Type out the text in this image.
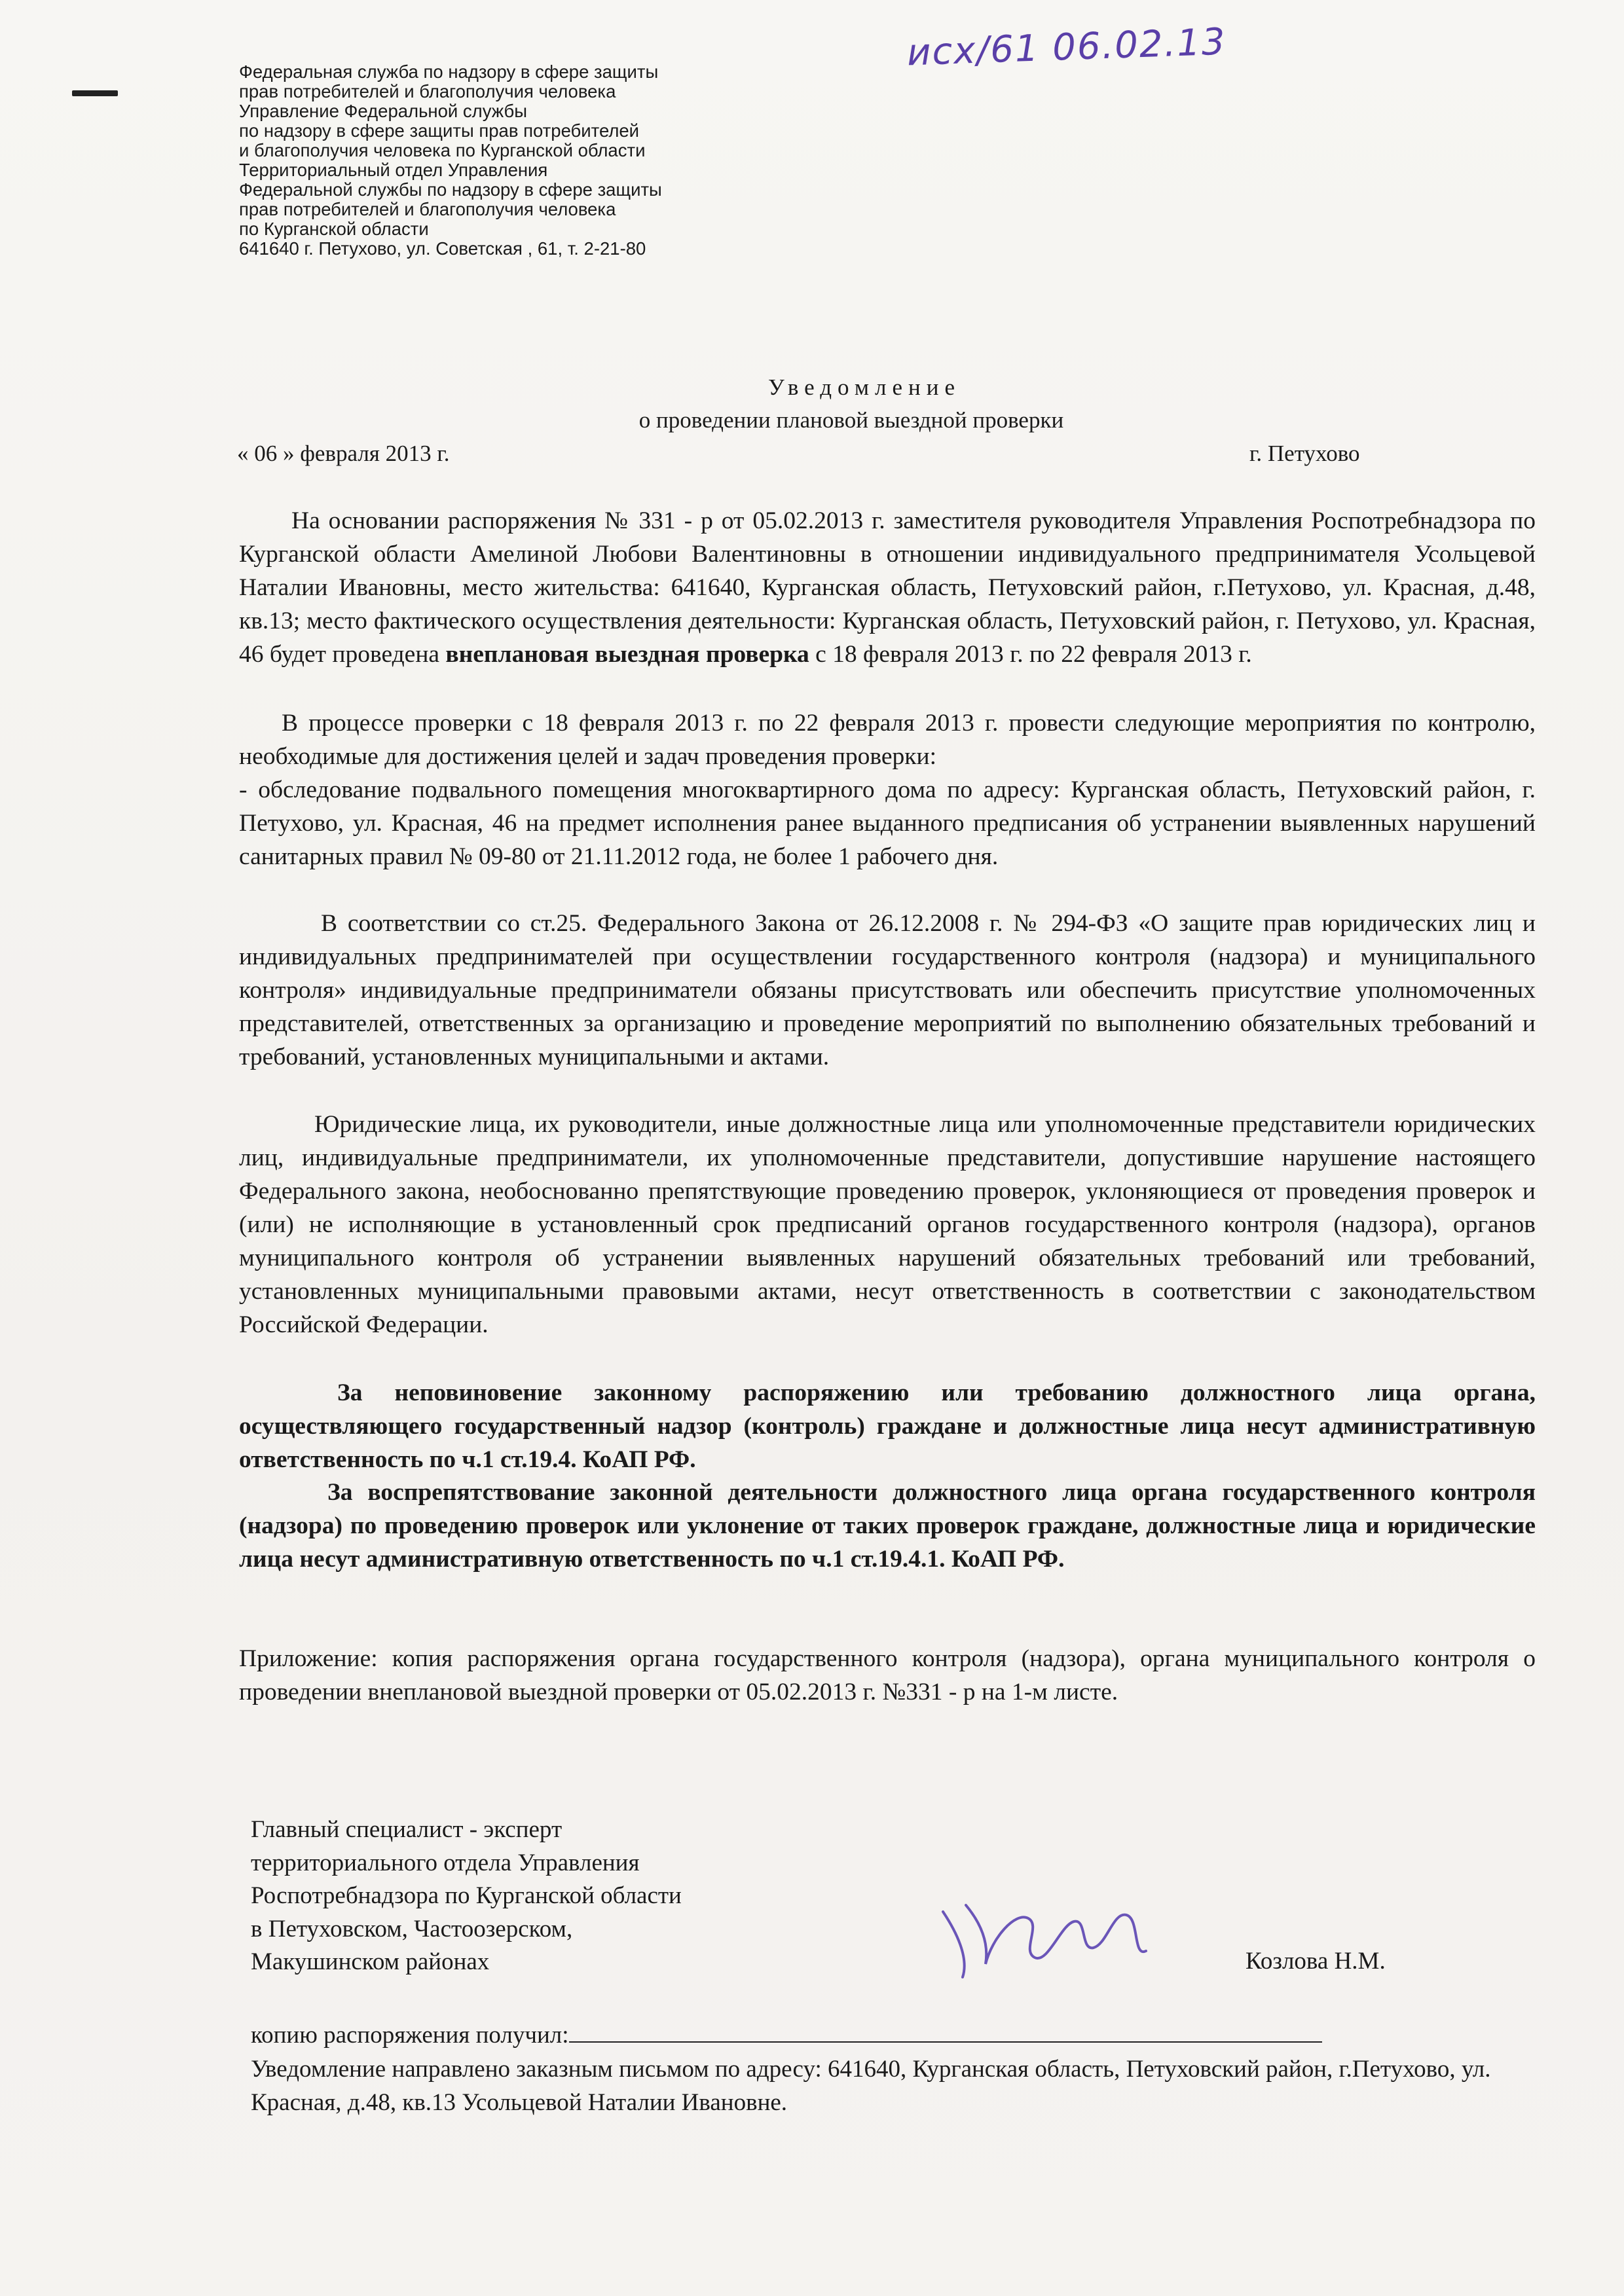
исх/61 06.02.13
Федеральная служба по надзору в сфере защиты
прав потребителей и благополучия человека
Управление Федеральной службы
по надзору в сфере защиты прав потребителей
и благополучия человека по Курганской области
Территориальный отдел Управления
Федеральной службы по надзору в сфере защиты
прав потребителей и благополучия человека
по Курганской области
641640 г. Петухово, ул. Советская , 61, т. 2-21-80
Уведомление
о проведении плановой выездной проверки
« 06 » февраля 2013 г.	г. Петухово

На основании распоряжения № 331 - р от 05.02.2013 г. заместителя руководителя Управления Роспотребнадзора по Курганской области Амелиной Любови Валентиновны в отношении индивидуального предпринимателя Усольцевой Наталии Ивановны, место жительства: 641640, Курганская область, Петуховский район, г.Петухово, ул. Красная, д.48, кв.13; место фактического осуществления деятельности: Курганская область, Петуховский район, г. Петухово, ул. Красная, 46 будет проведена внеплановая выездная проверка с 18 февраля 2013 г. по 22 февраля 2013 г.

В процессе проверки с 18 февраля 2013 г. по 22 февраля 2013 г. провести следующие мероприятия по контролю, необходимые для достижения целей и задач проведения проверки:

- обследование подвального помещения многоквартирного дома по адресу: Курганская область, Петуховский район, г. Петухово, ул. Красная, 46 на предмет исполнения ранее выданного предписания об устранении выявленных нарушений санитарных правил № 09-80 от 21.11.2012 года, не более 1 рабочего дня.

В соответствии со ст.25. Федерального Закона от 26.12.2008 г. № 294-ФЗ «О защите прав юридических лиц и индивидуальных предпринимателей при осуществлении государственного контроля (надзора) и муниципального контроля» индивидуальные предприниматели обязаны присутствовать или обеспечить присутствие уполномоченных представителей, ответственных за организацию и проведение мероприятий по выполнению обязательных требований и требований, установленных муниципальными и актами.

Юридические лица, их руководители, иные должностные лица или уполномоченные представители юридических лиц, индивидуальные предприниматели, их уполномоченные представители, допустившие нарушение настоящего Федерального закона, необоснованно препятствующие проведению проверок, уклоняющиеся от проведения проверок и (или) не исполняющие в установленный срок предписаний органов государственного контроля (надзора), органов муниципального контроля об устранении выявленных нарушений обязательных требований или требований, установленных муниципальными правовыми актами, несут ответственность в соответствии с законодательством Российской Федерации.

За неповиновение законному распоряжению или требованию должностного лица органа, осуществляющего государственный надзор (контроль) граждане и должностные лица несут административную ответственность по ч.1 ст.19.4. КоАП РФ.

За воспрепятствование законной деятельности должностного лица органа государственного контроля (надзора) по проведению проверок или уклонение от таких проверок граждане, должностные лица и юридические лица несут административную ответственность по ч.1 ст.19.4.1. КоАП РФ.

Приложение: копия распоряжения органа государственного контроля (надзора), органа муниципального контроля о проведении внеплановой выездной проверки от 05.02.2013 г. №331 - р на 1-м листе.

Главный специалист - эксперт
территориального отдела Управления
Роспотребнадзора по Курганской области
в Петуховском, Частоозерском,
Макушинском районах	Козлова Н.М.
копию распоряжения получил:
Уведомление направлено заказным письмом по адресу: 641640, Курганская область, Петуховский район, г.Петухово, ул. Красная, д.48, кв.13 Усольцевой Наталии Ивановне.
